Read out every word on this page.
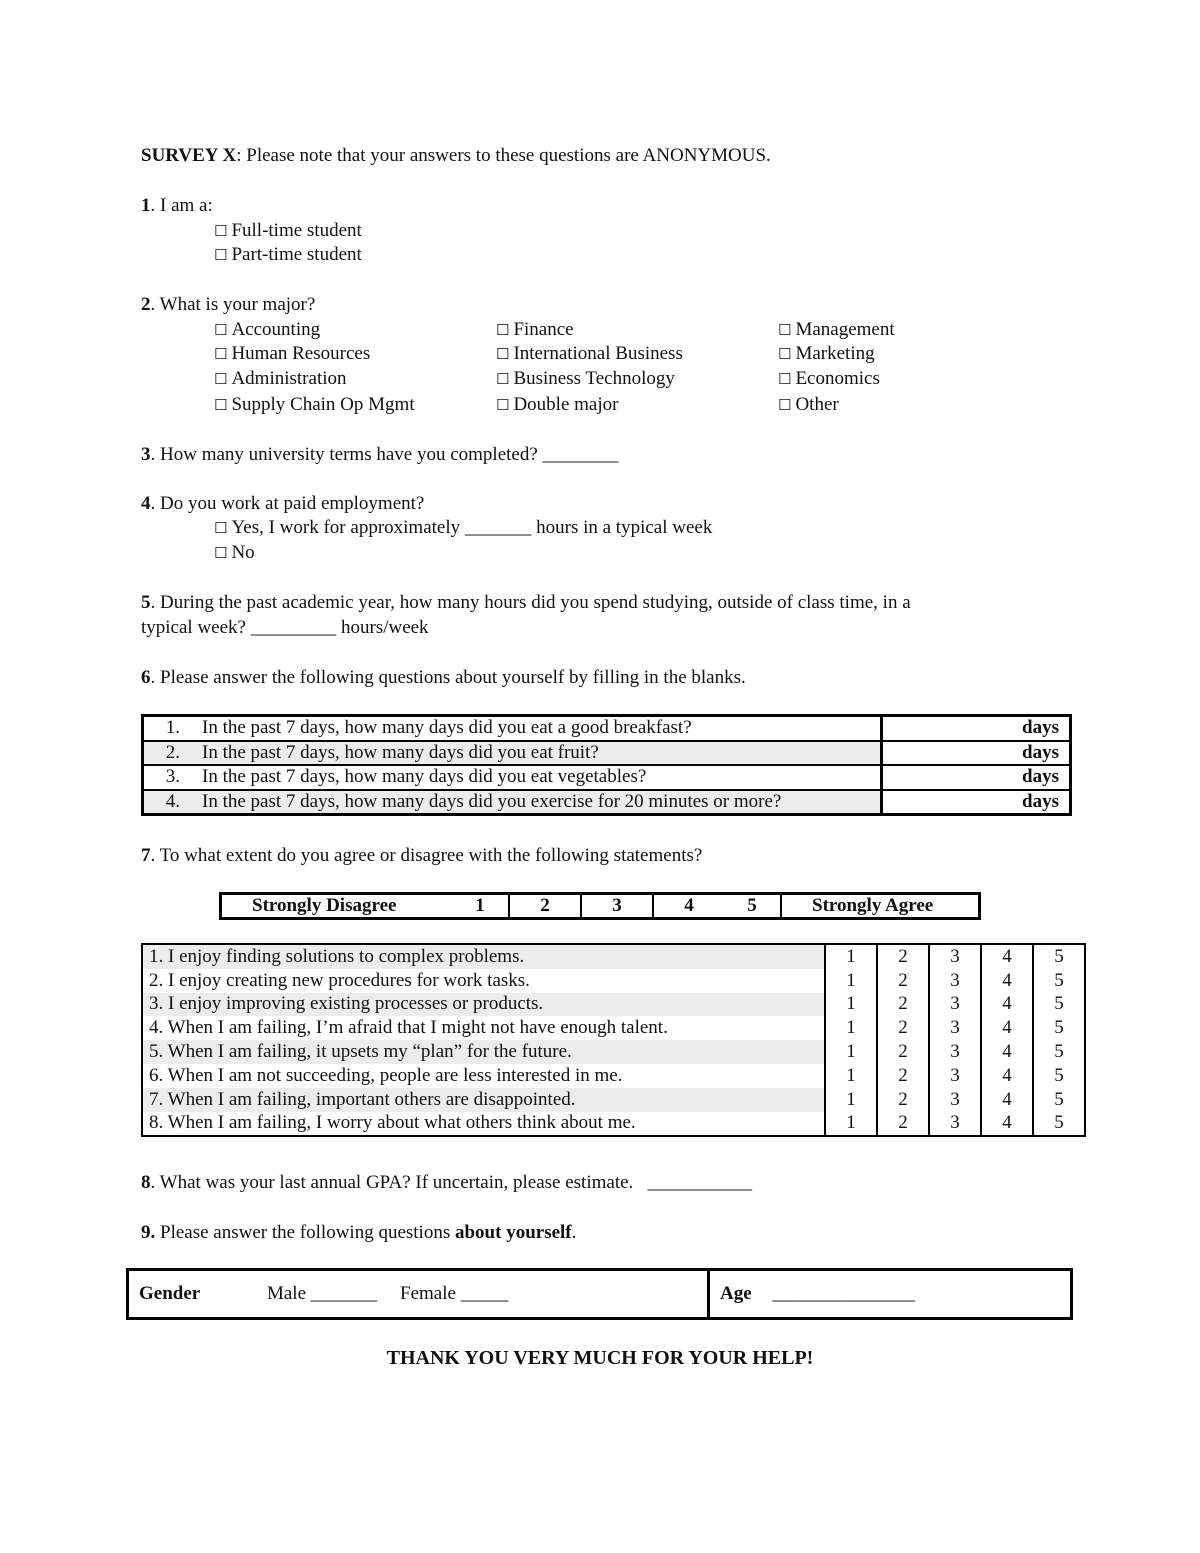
SURVEY X: Please note that your answers to these questions are ANONYMOUS.
1. I am a:
☐ Full-time student
☐ Part-time student
2. What is your major?
☐ Accounting
☐ Human Resources
☐ Administration
☐ Supply Chain Op Mgmt
☐ Finance
☐ International Business
☐ Business Technology
☐ Double major
☐ Management
☐ Marketing
☐ Economics
☐ Other
3. How many university terms have you completed? ________
4. Do you work at paid employment?
☐ Yes, I work for approximately _______ hours in a typical week
☐ No
5. During the past academic year, how many hours did you spend studying, outside of class time, in a
typical week? _________ hours/week
6. Please answer the following questions about yourself by filling in the blanks.
1.	In the past 7 days, how many days did you eat a good breakfast?	days
2.	In the past 7 days, how many days did you eat fruit?	days
3.	In the past 7 days, how many days did you eat vegetables?	days
4.	In the past 7 days, how many days did you exercise for 20 minutes or more?	days
7. To what extent do you agree or disagree with the following statements?
	Strongly Disagree	1	2	3	4	5	Strongly Agree
1. I enjoy finding solutions to complex problems.	1	2	3	4	5
2. I enjoy creating new procedures for work tasks.	1	2	3	4	5
3. I enjoy improving existing processes or products.	1	2	3	4	5
4. When I am failing, I’m afraid that I might not have enough talent.	1	2	3	4	5
5. When I am failing, it upsets my “plan” for the future.	1	2	3	4	5
6. When I am not succeeding, people are less interested in me.	1	2	3	4	5
7. When I am failing, important others are disappointed.	1	2	3	4	5
8. When I am failing, I worry about what others think about me.	1	2	3	4	5
8. What was your last annual GPA? If uncertain, please estimate.   ___________
9. Please answer the following questions about yourself.
Gender	Male _______ Female _____	Age _______________
THANK YOU VERY MUCH FOR YOUR HELP!
